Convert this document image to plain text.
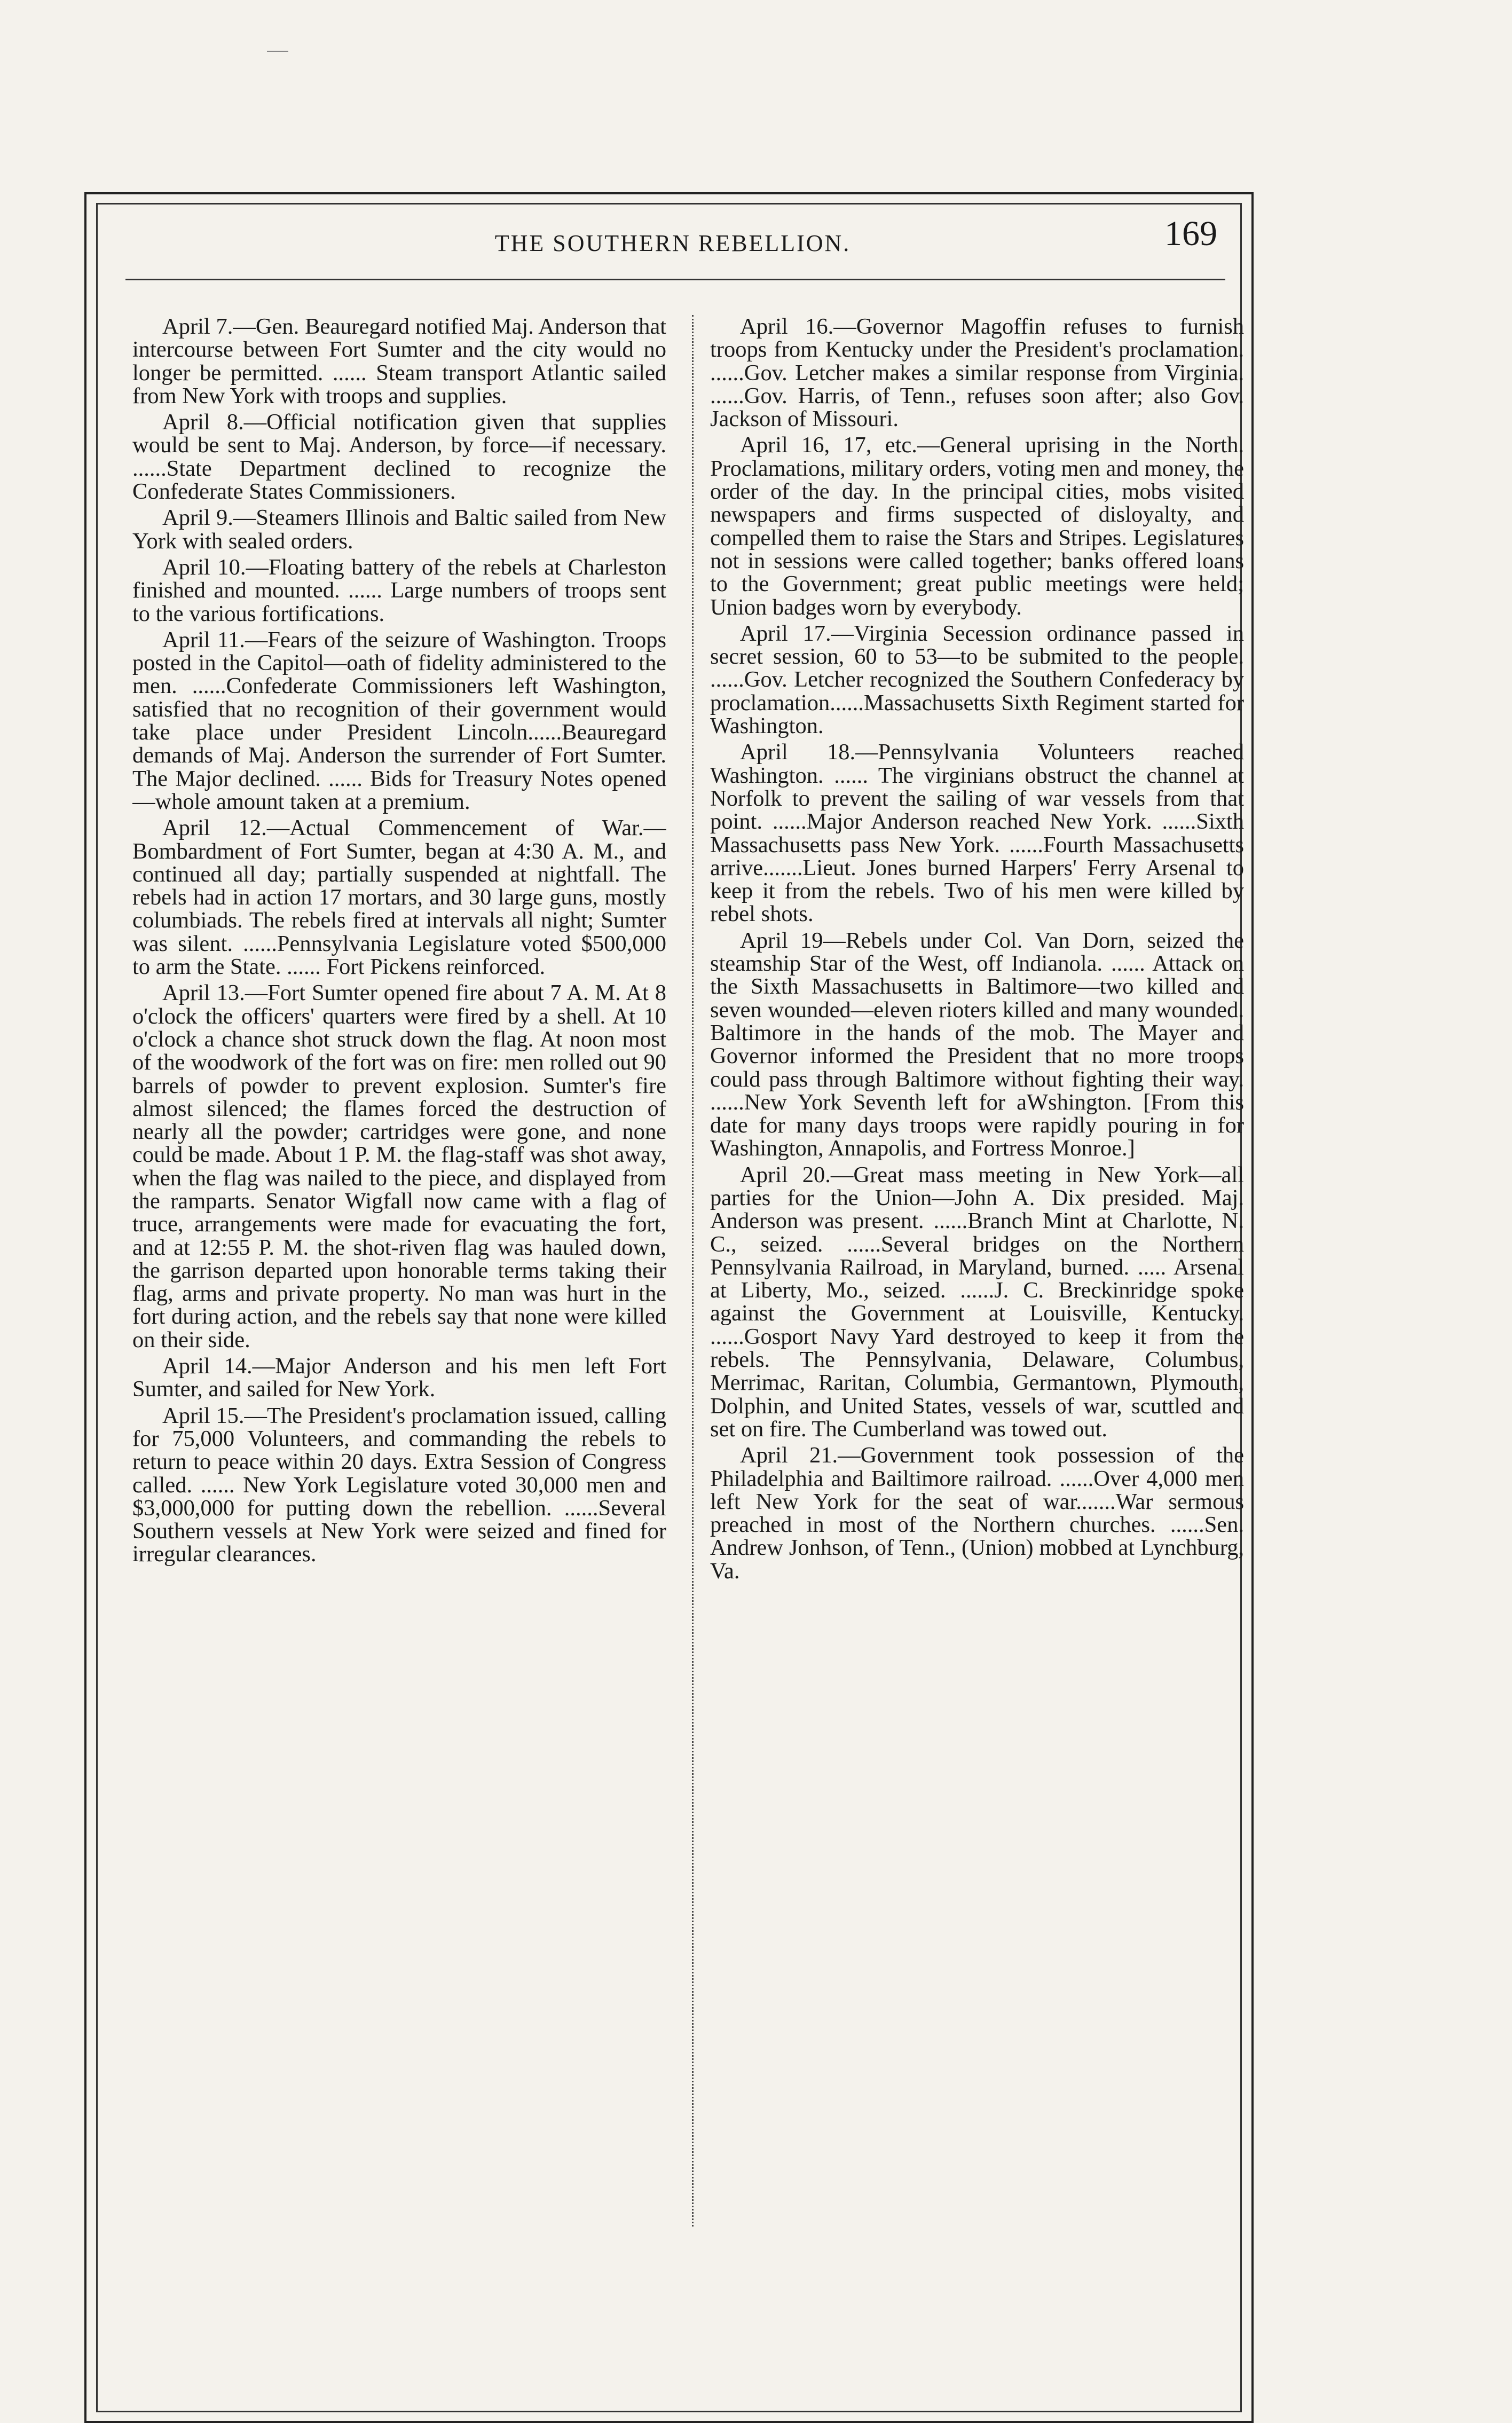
THE SOUTHERN REBELLION.	169

April 7.—Gen. Beauregard notified Maj. Anderson that intercourse between Fort Sumter and the city would no longer be permitted. ...... Steam transport Atlantic sailed from New York with troops and supplies.

April 8.—Official notification given that supplies would be sent to Maj. Anderson, by force—if necessary. ......State Department declined to recognize the Confederate States Commissioners.

April 9.—Steamers Illinois and Baltic sailed from New York with sealed orders.

April 10.—Floating battery of the rebels at Charleston finished and mounted. ...... Large numbers of troops sent to the various fortifications.

April 11.—Fears of the seizure of Washington. Troops posted in the Capitol—oath of fidelity administered to the men. ......Confederate Commissioners left Washington, satisfied that no recognition of their government would take place under President Lincoln......Beauregard demands of Maj. Anderson the surrender of Fort Sumter. The Major declined. ...... Bids for Treasury Notes opened—whole amount taken at a premium.

April 12.—Actual Commencement of War.—Bombardment of Fort Sumter, began at 4:30 A. M., and continued all day; partially suspended at nightfall. The rebels had in action 17 mortars, and 30 large guns, mostly columbiads. The rebels fired at intervals all night; Sumter was silent. ......Pennsylvania Legislature voted $500,000 to arm the State. ...... Fort Pickens reinforced.

April 13.—Fort Sumter opened fire about 7 A. M. At 8 o'clock the officers' quarters were fired by a shell. At 10 o'clock a chance shot struck down the flag. At noon most of the woodwork of the fort was on fire: men rolled out 90 barrels of powder to prevent explosion. Sumter's fire almost silenced; the flames forced the destruction of nearly all the powder; cartridges were gone, and none could be made. About 1 P. M. the flag-staff was shot away, when the flag was nailed to the piece, and displayed from the ramparts. Senator Wigfall now came with a flag of truce, arrangements were made for evacuating the fort, and at 12:55 P. M. the shot-riven flag was hauled down, the garrison departed upon honorable terms taking their flag, arms and private property. No man was hurt in the fort during action, and the rebels say that none were killed on their side.

April 14.—Major Anderson and his men left Fort Sumter, and sailed for New York.

April 15.—The President's proclamation issued, calling for 75,000 Volunteers, and commanding the rebels to return to peace within 20 days. Extra Session of Congress called. ...... New York Legislature voted 30,000 men and $3,000,000 for putting down the rebellion. ......Several Southern vessels at New York were seized and fined for irregular clearances.

April 16.—Governor Magoffin refuses to furnish troops from Kentucky under the President's proclamation. ......Gov. Letcher makes a similar response from Virginia. ......Gov. Harris, of Tenn., refuses soon after; also Gov. Jackson of Missouri.

April 16, 17, etc.—General uprising in the North. Proclamations, military orders, voting men and money, the order of the day. In the principal cities, mobs visited newspapers and firms suspected of disloyalty, and compelled them to raise the Stars and Stripes. Legislatures not in sessions were called together; banks offered loans to the Government; great public meetings were held; Union badges worn by everybody.

April 17.—Virginia Secession ordinance passed in secret session, 60 to 53—to be submited to the people. ......Gov. Letcher recognized the Southern Confederacy by proclamation......Massachusetts Sixth Regiment started for Washington.

April 18.—Pennsylvania Volunteers reached Washington. ...... The virginians obstruct the channel at Norfolk to prevent the sailing of war vessels from that point. ......Major Anderson reached New York. ......Sixth Massachusetts pass New York. ......Fourth Massachusetts arrive.......Lieut. Jones burned Harpers' Ferry Arsenal to keep it from the rebels. Two of his men were killed by rebel shots.

April 19—Rebels under Col. Van Dorn, seized the steamship Star of the West, off Indianola. ...... Attack on the Sixth Massachusetts in Baltimore—two killed and seven wounded—eleven rioters killed and many wounded. Baltimore in the hands of the mob. The Mayer and Governor informed the President that no more troops could pass through Baltimore without fighting their way. ......New York Seventh left for aWshington. [From this date for many days troops were rapidly pouring in for Washington, Annapolis, and Fortress Monroe.]

April 20.—Great mass meeting in New York—all parties for the Union—John A. Dix presided. Maj. Anderson was present. ......Branch Mint at Charlotte, N. C., seized. ......Several bridges on the Northern Pennsylvania Railroad, in Maryland, burned. ..... Arsenal at Liberty, Mo., seized. ......J. C. Breckinridge spoke against the Government at Louisville, Kentucky. ......Gosport Navy Yard destroyed to keep it from the rebels. The Pennsylvania, Delaware, Columbus, Merrimac, Raritan, Columbia, Germantown, Plymouth, Dolphin, and United States, vessels of war, scuttled and set on fire. The Cumberland was towed out.

April 21.—Government took possession of the Philadelphia and Bailtimore railroad. ......Over 4,000 men left New York for the seat of war.......War sermous preached in most of the Northern churches. ......Sen. Andrew Jonhson, of Tenn., (Union) mobbed at Lynchburg, Va.
